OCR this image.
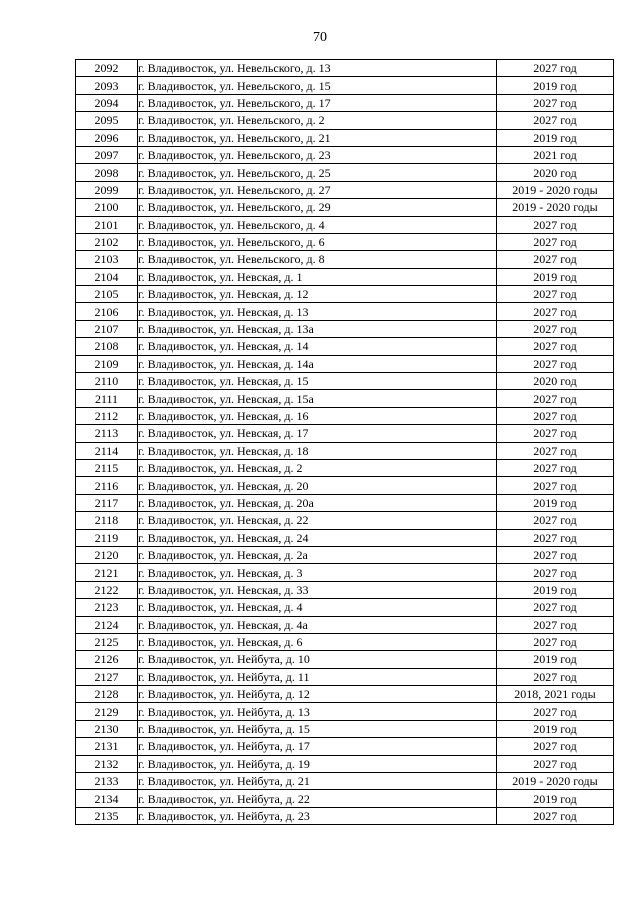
70
2092	г. Владивосток, ул. Невельского, д. 13	2027 год
2093	г. Владивосток, ул. Невельского, д. 15	2019 год
2094	г. Владивосток, ул. Невельского, д. 17	2027 год
2095	г. Владивосток, ул. Невельского, д. 2	2027 год
2096	г. Владивосток, ул. Невельского, д. 21	2019 год
2097	г. Владивосток, ул. Невельского, д. 23	2021 год
2098	г. Владивосток, ул. Невельского, д. 25	2020 год
2099	г. Владивосток, ул. Невельского, д. 27	2019 - 2020 годы
2100	г. Владивосток, ул. Невельского, д. 29	2019 - 2020 годы
2101	г. Владивосток, ул. Невельского, д. 4	2027 год
2102	г. Владивосток, ул. Невельского, д. 6	2027 год
2103	г. Владивосток, ул. Невельского, д. 8	2027 год
2104	г. Владивосток, ул. Невская, д. 1	2019 год
2105	г. Владивосток, ул. Невская, д. 12	2027 год
2106	г. Владивосток, ул. Невская, д. 13	2027 год
2107	г. Владивосток, ул. Невская, д. 13а	2027 год
2108	г. Владивосток, ул. Невская, д. 14	2027 год
2109	г. Владивосток, ул. Невская, д. 14а	2027 год
2110	г. Владивосток, ул. Невская, д. 15	2020 год
2111	г. Владивосток, ул. Невская, д. 15а	2027 год
2112	г. Владивосток, ул. Невская, д. 16	2027 год
2113	г. Владивосток, ул. Невская, д. 17	2027 год
2114	г. Владивосток, ул. Невская, д. 18	2027 год
2115	г. Владивосток, ул. Невская, д. 2	2027 год
2116	г. Владивосток, ул. Невская, д. 20	2027 год
2117	г. Владивосток, ул. Невская, д. 20а	2019 год
2118	г. Владивосток, ул. Невская, д. 22	2027 год
2119	г. Владивосток, ул. Невская, д. 24	2027 год
2120	г. Владивосток, ул. Невская, д. 2а	2027 год
2121	г. Владивосток, ул. Невская, д. 3	2027 год
2122	г. Владивосток, ул. Невская, д. 33	2019 год
2123	г. Владивосток, ул. Невская, д. 4	2027 год
2124	г. Владивосток, ул. Невская, д. 4а	2027 год
2125	г. Владивосток, ул. Невская, д. 6	2027 год
2126	г. Владивосток, ул. Нейбута, д. 10	2019 год
2127	г. Владивосток, ул. Нейбута, д. 11	2027 год
2128	г. Владивосток, ул. Нейбута, д. 12	2018, 2021 годы
2129	г. Владивосток, ул. Нейбута, д. 13	2027 год
2130	г. Владивосток, ул. Нейбута, д. 15	2019 год
2131	г. Владивосток, ул. Нейбута, д. 17	2027 год
2132	г. Владивосток, ул. Нейбута, д. 19	2027 год
2133	г. Владивосток, ул. Нейбута, д. 21	2019 - 2020 годы
2134	г. Владивосток, ул. Нейбута, д. 22	2019 год
2135	г. Владивосток, ул. Нейбута, д. 23	2027 год
